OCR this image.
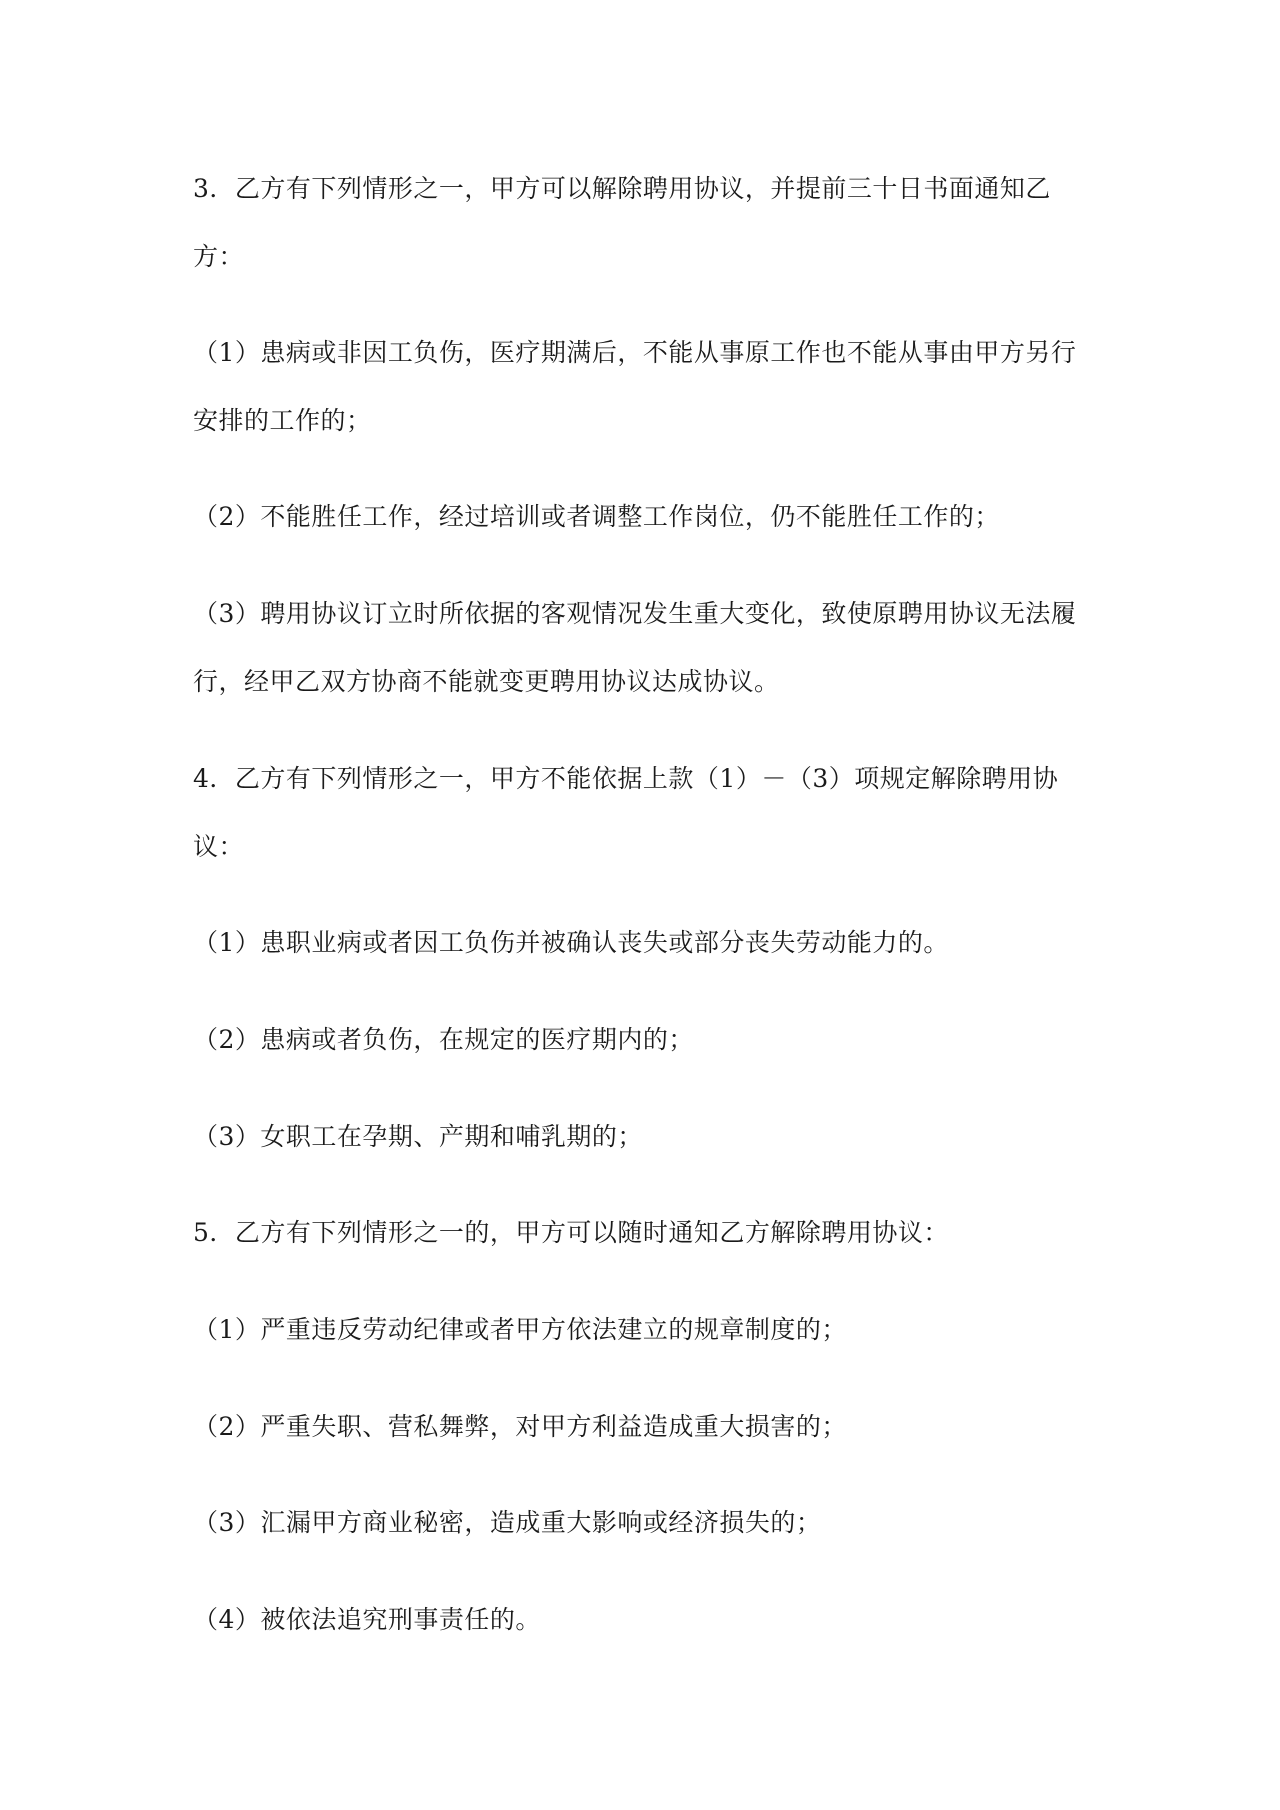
3．乙方有下列情形之一，甲方可以解除聘用协议，并提前三十日书面通知乙
方：
（1）患病或非因工负伤，医疗期满后，不能从事原工作也不能从事由甲方另行
安排的工作的；
（2）不能胜任工作，经过培训或者调整工作岗位，仍不能胜任工作的；
（3）聘用协议订立时所依据的客观情况发生重大变化，致使原聘用协议无法履
行，经甲乙双方协商不能就变更聘用协议达成协议。
4．乙方有下列情形之一，甲方不能依据上款（1）－（3）项规定解除聘用协
议：
（1）患职业病或者因工负伤并被确认丧失或部分丧失劳动能力的。
（2）患病或者负伤，在规定的医疗期内的；
（3）女职工在孕期、产期和哺乳期的；
5．乙方有下列情形之一的，甲方可以随时通知乙方解除聘用协议：
（1）严重违反劳动纪律或者甲方依法建立的规章制度的；
（2）严重失职、营私舞弊，对甲方利益造成重大损害的；
（3）汇漏甲方商业秘密，造成重大影响或经济损失的；
（4）被依法追究刑事责任的。
